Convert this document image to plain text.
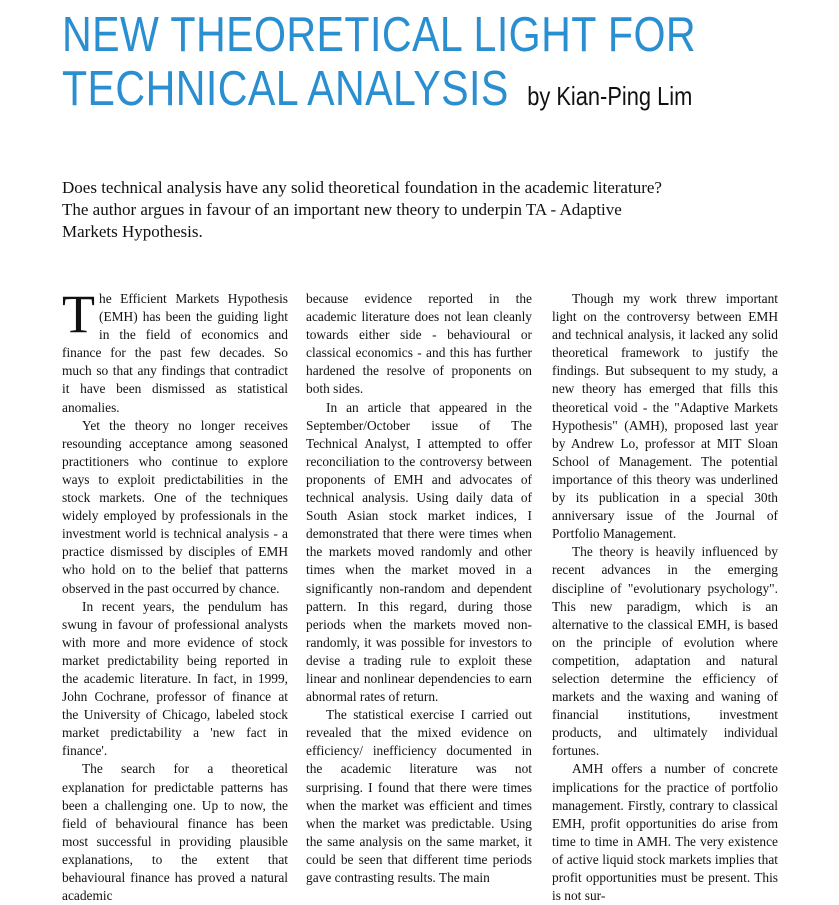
NEW THEORETICAL LIGHT FOR
TECHNICAL ANALYSIS by Kian-Ping Lim
Does technical analysis have any solid theoretical foundation in the academic literature? The author argues in favour of an important new theory to underpin TA - Adaptive Markets Hypothesis.

The Efficient Markets Hypothesis (EMH) has been the guiding light in the field of economics and finance for the past few decades. So much so that any findings that contradict it have been dismissed as statistical anomalies.

Yet the theory no longer receives resounding acceptance among seasoned practitioners who continue to explore ways to exploit predictabilities in the stock markets. One of the techniques widely employed by professionals in the investment world is technical analysis - a practice dismissed by disciples of EMH who hold on to the belief that patterns observed in the past occurred by chance.

In recent years, the pendulum has swung in favour of professional analysts with more and more evidence of stock market predictability being reported in the academic literature. In fact, in 1999, John Cochrane, professor of finance at the University of Chicago, labeled stock market predictability a 'new fact in finance'.

The search for a theoretical explanation for predictable patterns has been a challenging one. Up to now, the field of behavioural finance has been most successful in providing plausible explanations, to the extent that behavioural finance has proved a natural academic

because evidence reported in the academic literature does not lean cleanly towards either side - behavioural or classical economics - and this has further hardened the resolve of proponents on both sides.

In an article that appeared in the September/October issue of The Technical Analyst, I attempted to offer reconciliation to the controversy between proponents of EMH and advocates of technical analysis. Using daily data of South Asian stock market indices, I demonstrated that there were times when the markets moved randomly and other times when the market moved in a significantly non-random and dependent pattern. In this regard, during those periods when the markets moved non-randomly, it was possible for investors to devise a trading rule to exploit these linear and nonlinear dependencies to earn abnormal rates of return.

The statistical exercise I carried out revealed that the mixed evidence on efficiency/ inefficiency documented in the academic literature was not surprising. I found that there were times when the market was efficient and times when the market was predictable. Using the same analysis on the same market, it could be seen that different time periods gave contrasting results. The main

Though my work threw important light on the controversy between EMH and technical analysis, it lacked any solid theoretical framework to justify the findings. But subsequent to my study, a new theory has emerged that fills this theoretical void - the "Adaptive Markets Hypothesis" (AMH), proposed last year by Andrew Lo, professor at MIT Sloan School of Management. The potential importance of this theory was underlined by its publication in a special 30th anniversary issue of the Journal of Portfolio Management.

The theory is heavily influenced by recent advances in the emerging discipline of "evolutionary psychology". This new paradigm, which is an alternative to the classical EMH, is based on the principle of evolution where competition, adaptation and natural selection determine the efficiency of markets and the waxing and waning of financial institutions, investment products, and ultimately individual fortunes.

AMH offers a number of concrete implications for the practice of portfolio management. Firstly, contrary to classical EMH, profit opportunities do arise from time to time in AMH. The very existence of active liquid stock markets implies that profit opportunities must be present. This is not sur-
